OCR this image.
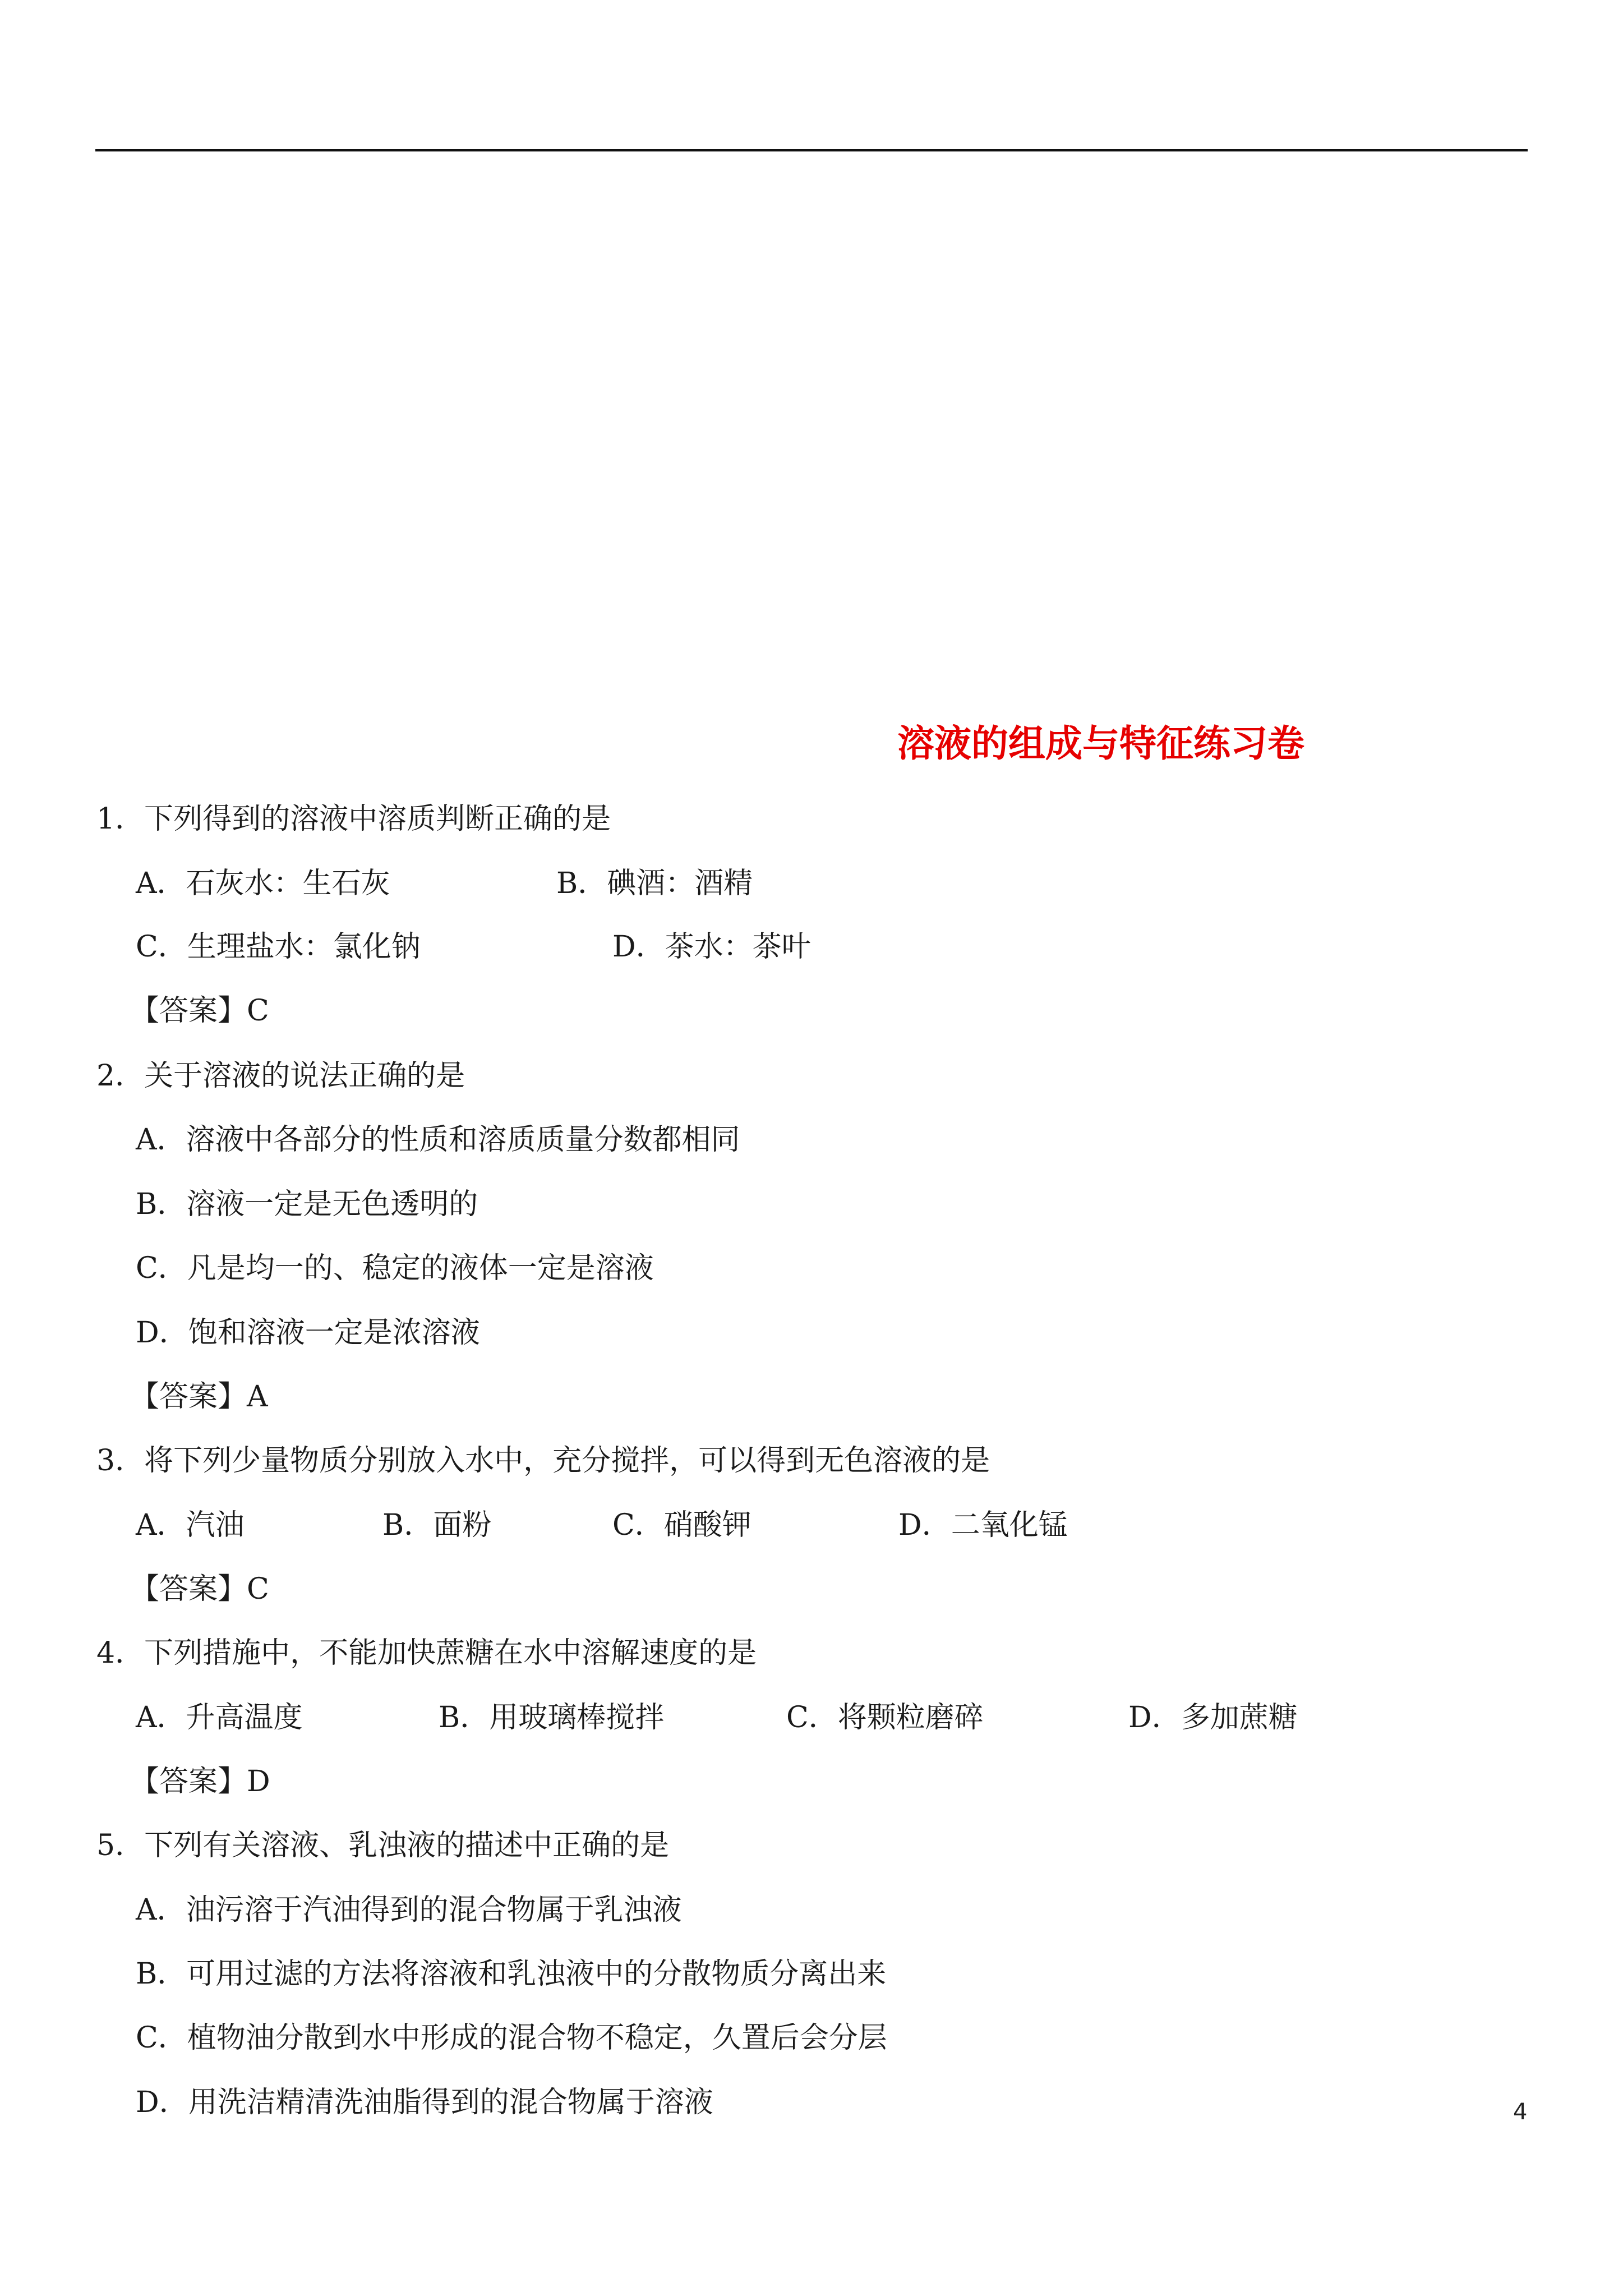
溶液的组成与特征练习卷
1．下列得到的溶液中溶质判断正确的是
A．石灰水：生石灰	B．碘酒：酒精
C．生理盐水：氯化钠	D．茶水：茶叶
【答案】C
2．关于溶液的说法正确的是
A．溶液中各部分的性质和溶质质量分数都相同
B．溶液一定是无色透明的
C．凡是均一的、稳定的液体一定是溶液
D．饱和溶液一定是浓溶液
【答案】A
3．将下列少量物质分别放入水中，充分搅拌，可以得到无色溶液的是
A．汽油	B．面粉	C．硝酸钾	D．二氧化锰
【答案】C
4．下列措施中，不能加快蔗糖在水中溶解速度的是
A．升高温度	B．用玻璃棒搅拌	C．将颗粒磨碎	D．多加蔗糖
【答案】D
5．下列有关溶液、乳浊液的描述中正确的是
A．油污溶于汽油得到的混合物属于乳浊液
B．可用过滤的方法将溶液和乳浊液中的分散物质分离出来
C．植物油分散到水中形成的混合物不稳定，久置后会分层
D．用洗洁精清洗油脂得到的混合物属于溶液	4
